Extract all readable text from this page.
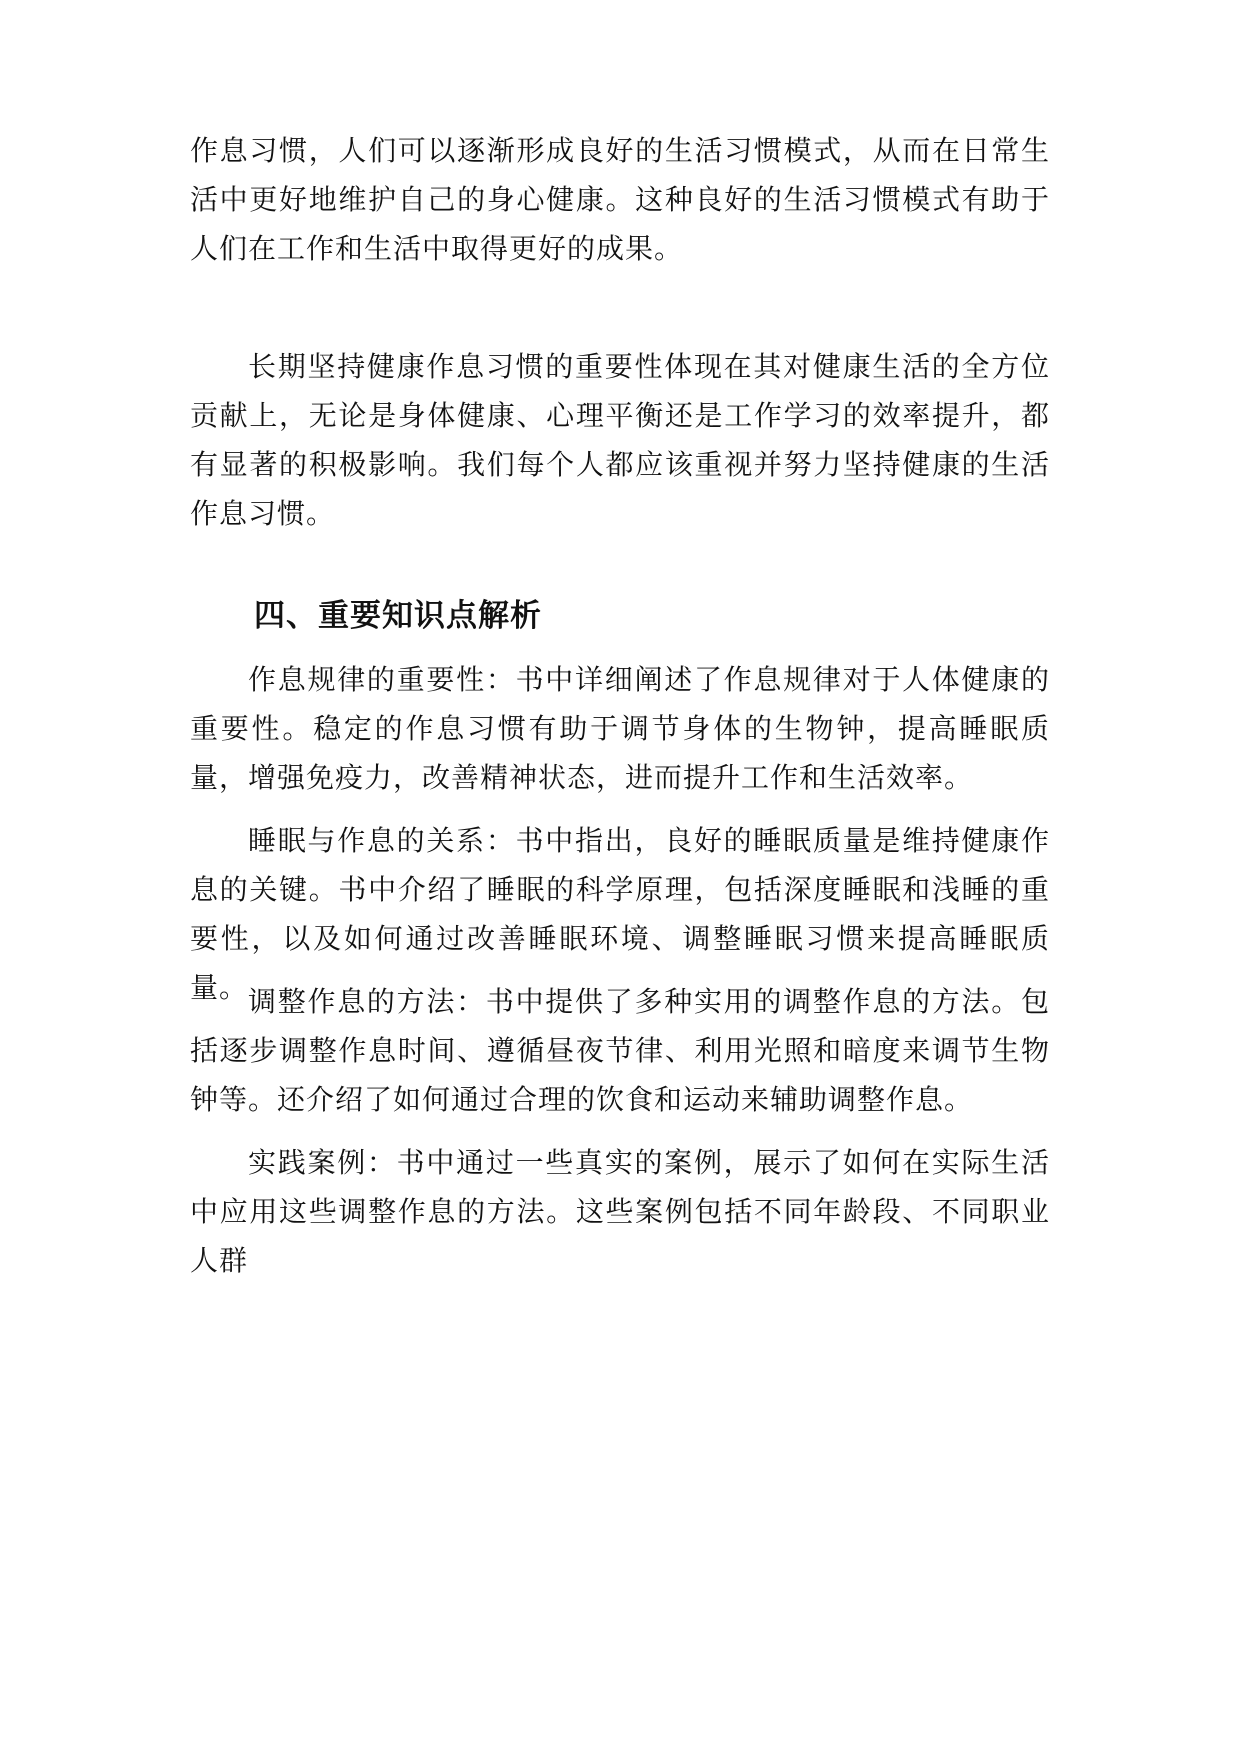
作息习惯，人们可以逐渐形成良好的生活习惯模式，从而在日常生活中更好地维护自己的身心健康。这种良好的生活习惯模式有助于人们在工作和生活中取得更好的成果。

长期坚持健康作息习惯的重要性体现在其对健康生活的全方位贡献上，无论是身体健康、心理平衡还是工作学习的效率提升，都有显著的积极影响。我们每个人都应该重视并努力坚持健康的生活作息习惯。

四、重要知识点解析

作息规律的重要性：书中详细阐述了作息规律对于人体健康的重要性。稳定的作息习惯有助于调节身体的生物钟，提高睡眠质量，增强免疫力，改善精神状态，进而提升工作和生活效率。

睡眠与作息的关系：书中指出，良好的睡眠质量是维持健康作息的关键。书中介绍了睡眠的科学原理，包括深度睡眠和浅睡的重要性，以及如何通过改善睡眠环境、调整睡眠习惯来提高睡眠质量。 调整作息的方法：书中提供了多种实用的调整作息的方法。包括逐步调整作息时间、遵循昼夜节律、利用光照和暗度来调节生物钟等。还介绍了如何通过合理的饮食和运动来辅助调整作息。

实践案例：书中通过一些真实的案例，展示了如何在实际生活中应用这些调整作息的方法。这些案例包括不同年龄段、不同职业人群
